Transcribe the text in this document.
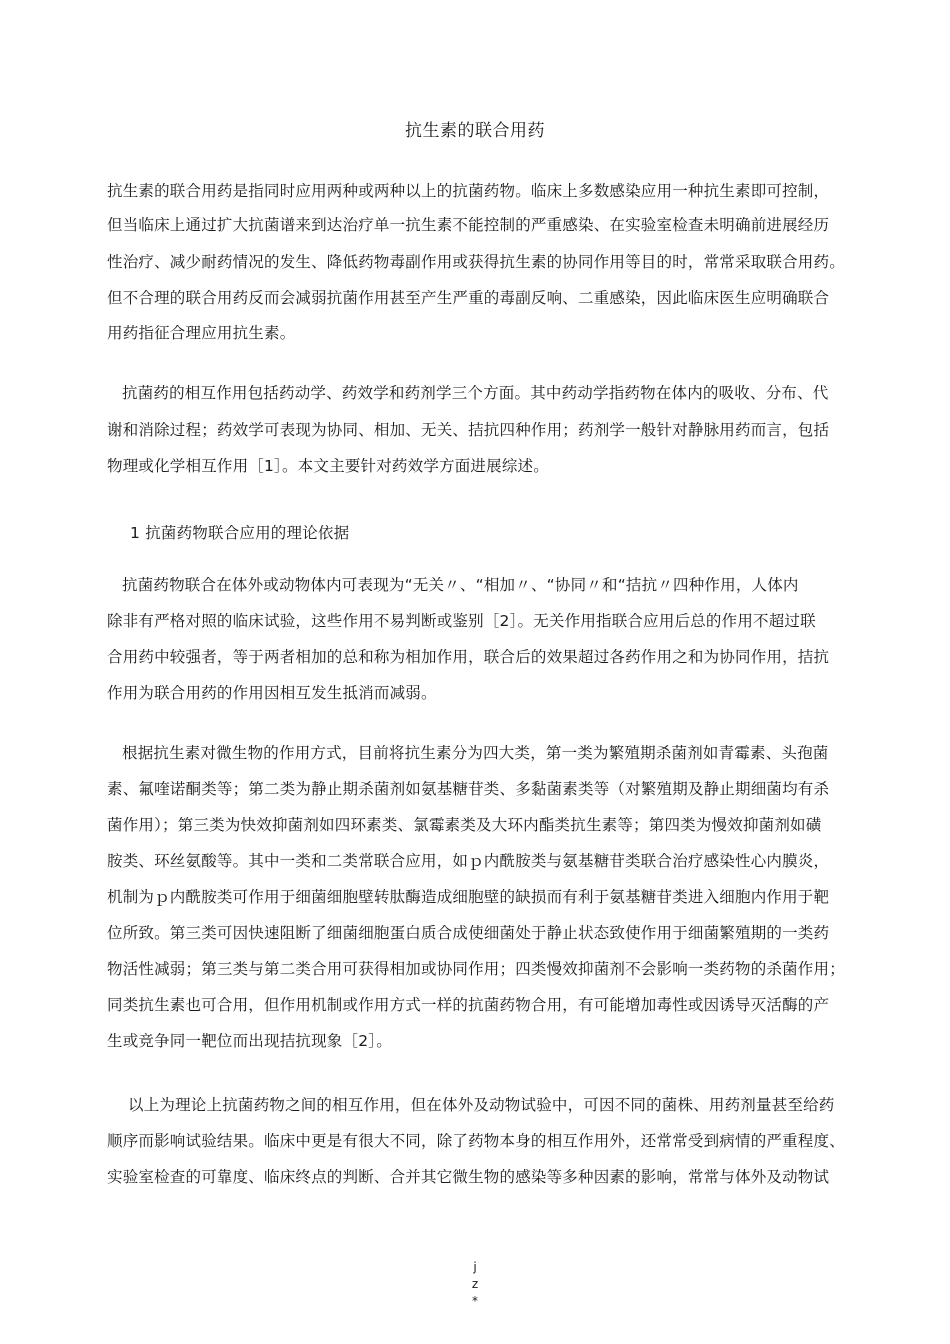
抗生素的联合用药
抗生素的联合用药是指同时应用两种或两种以上的抗菌药物。临床上多数感染应用一种抗生素即可控制，
但当临床上通过扩大抗菌谱来到达治疗单一抗生素不能控制的严重感染、在实验室检查未明确前进展经历
性治疗、减少耐药情况的发生、降低药物毒副作用或获得抗生素的协同作用等目的时，常常采取联合用药。
但不合理的联合用药反而会减弱抗菌作用甚至产生严重的毒副反响、二重感染，因此临床医生应明确联合
用药指征合理应用抗生素。
抗菌药的相互作用包括药动学、药效学和药剂学三个方面。其中药动学指药物在体内的吸收、分布、代
谢和消除过程；药效学可表现为协同、相加、无关、拮抗四种作用；药剂学一般针对静脉用药而言，包括
物理或化学相互作用［1］。本文主要针对药效学方面进展综述。
1 抗菌药物联合应用的理论依据
抗菌药物联合在体外或动物体内可表现为“无关〃、“相加〃、“协同〃和“拮抗〃四种作用，人体内
除非有严格对照的临床试验，这些作用不易判断或鉴别［2］。无关作用指联合应用后总的作用不超过联
合用药中较强者，等于两者相加的总和称为相加作用，联合后的效果超过各药作用之和为协同作用，拮抗
作用为联合用药的作用因相互发生抵消而减弱。
根据抗生素对微生物的作用方式，目前将抗生素分为四大类，第一类为繁殖期杀菌剂如青霉素、头孢菌
素、氟喹诺酮类等；第二类为静止期杀菌剂如氨基糖苷类、多黏菌素类等（对繁殖期及静止期细菌均有杀
菌作用）；第三类为快效抑菌剂如四环素类、氯霉素类及大环内酯类抗生素等；第四类为慢效抑菌剂如磺
胺类、环丝氨酸等。其中一类和二类常联合应用，如ｐ内酰胺类与氨基糖苷类联合治疗感染性心内膜炎，
机制为ｐ内酰胺类可作用于细菌细胞壁转肽酶造成细胞壁的缺损而有利于氨基糖苷类进入细胞内作用于靶
位所致。第三类可因快速阻断了细菌细胞蛋白质合成使细菌处于静止状态致使作用于细菌繁殖期的一类药
物活性减弱；第三类与第二类合用可获得相加或协同作用；四类慢效抑菌剂不会影响一类药物的杀菌作用；
同类抗生素也可合用，但作用机制或作用方式一样的抗菌药物合用，有可能增加毒性或因诱导灭活酶的产
生或竞争同一靶位而出现拮抗现象［2］。
以上为理论上抗菌药物之间的相互作用，但在体外及动物试验中，可因不同的菌株、用药剂量甚至给药
顺序而影响试验结果。临床中更是有很大不同，除了药物本身的相互作用外，还常常受到病情的严重程度、
实验室检查的可靠度、临床终点的判断、合并其它微生物的感染等多种因素的影响，常常与体外及动物试
j
z
*
